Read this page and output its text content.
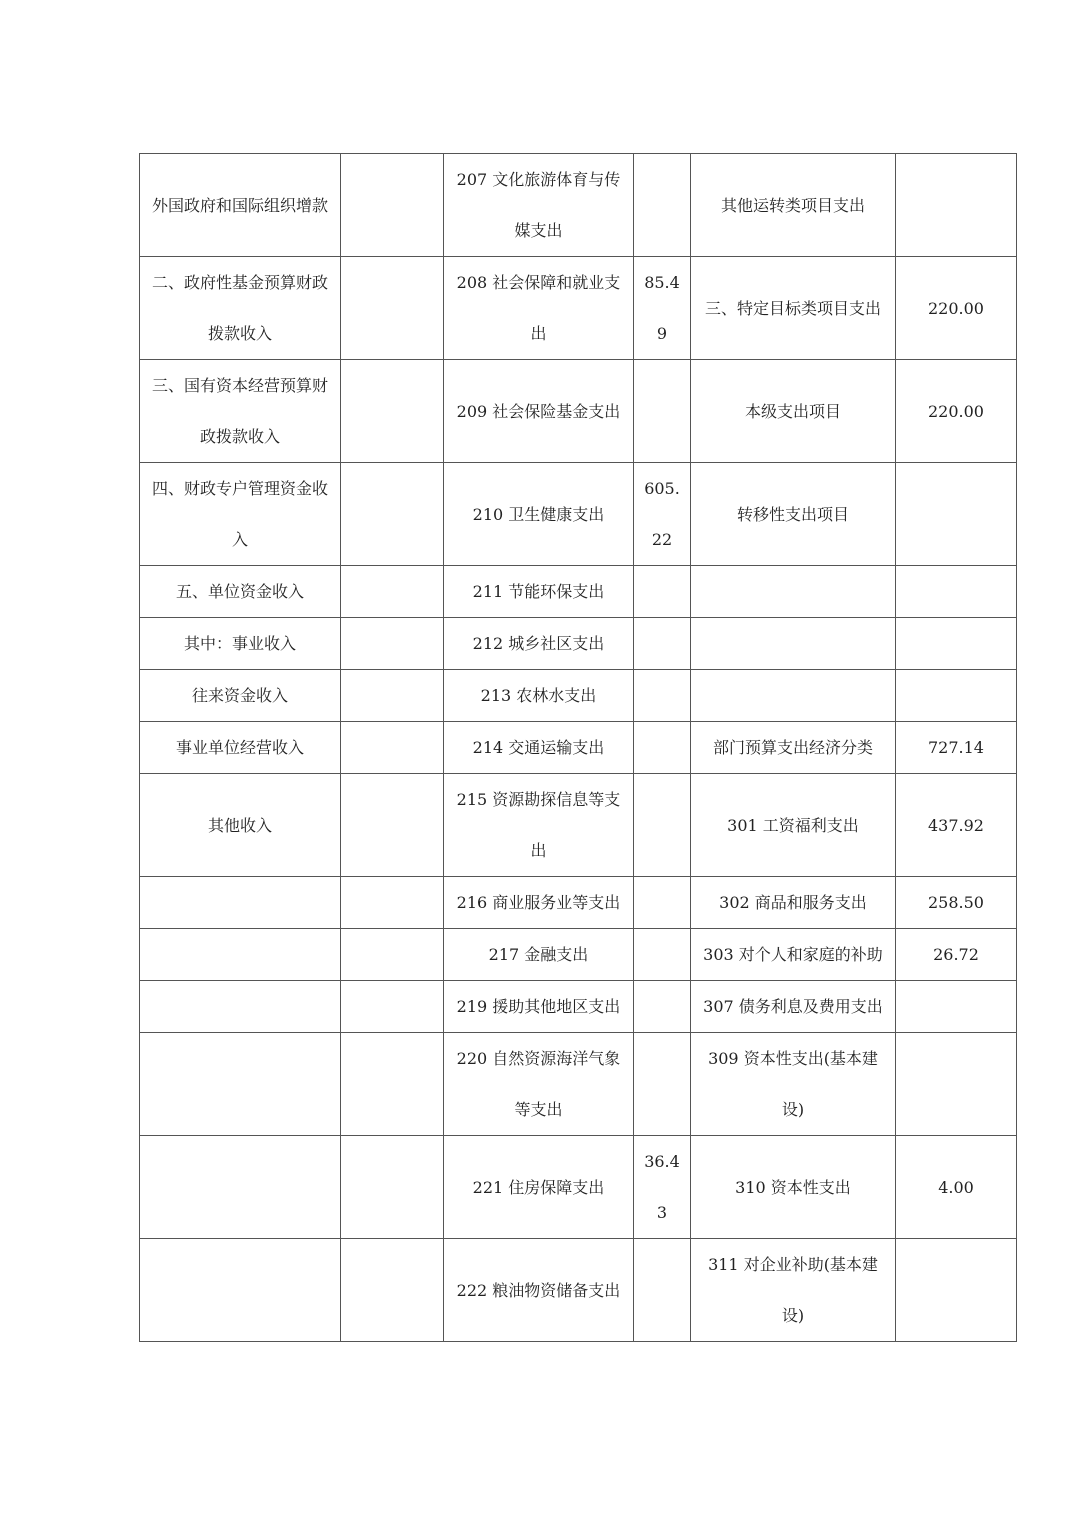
外国政府和国际组织增款		207 文化旅游体育与传媒支出		其他运转类项目支出	
二、政府性基金预算财政拨款收入		208 社会保障和就业支出	85.49	三、特定目标类项目支出	220.00
三、国有资本经营预算财政拨款收入		209 社会保险基金支出		本级支出项目	220.00
四、财政专户管理资金收入		210 卫生健康支出	605.22	转移性支出项目	
五、单位资金收入		211 节能环保支出			
其中：事业收入		212 城乡社区支出			
往来资金收入		213 农林水支出			
事业单位经营收入		214 交通运输支出		部门预算支出经济分类	727.14
其他收入		215 资源勘探信息等支出		301 工资福利支出	437.92
		216 商业服务业等支出		302 商品和服务支出	258.50
		217 金融支出		303 对个人和家庭的补助	26.72
		219 援助其他地区支出		307 债务利息及费用支出	
		220 自然资源海洋气象等支出		309 资本性支出(基本建设)	
		221 住房保障支出	36.43	310 资本性支出	4.00
		222 粮油物资储备支出		311 对企业补助(基本建设)	
